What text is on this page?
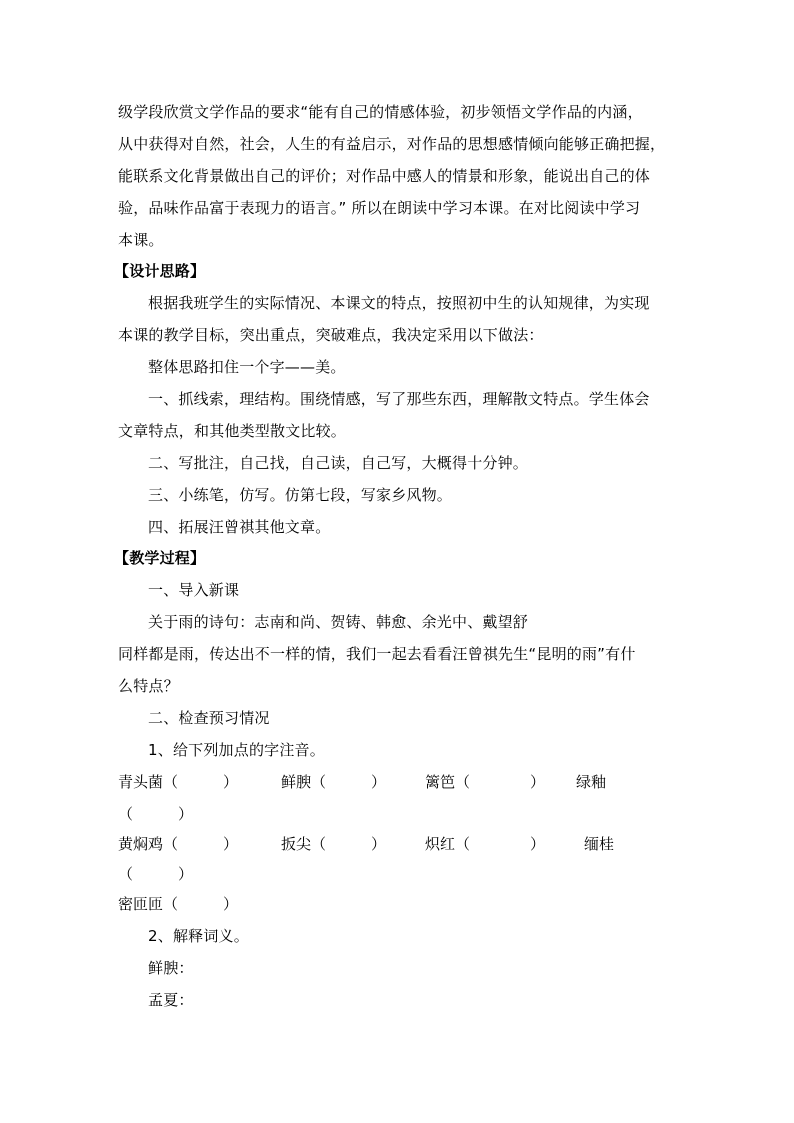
级学段欣赏文学作品的要求“能有自己的情感体验，初步领悟文学作品的内涵，
从中获得对自然，社会，人生的有益启示，对作品的思想感情倾向能够正确把握，
能联系文化背景做出自己的评价；对作品中感人的情景和形象，能说出自己的体
验，品味作品富于表现力的语言。” 所以在朗读中学习本课。在对比阅读中学习
本课。
【设计思路】
根据我班学生的实际情况、本课文的特点，按照初中生的认知规律，为实现
本课的教学目标，突出重点，突破难点，我决定采用以下做法：
整体思路扣住一个字——美。
一、抓线索，理结构。围绕情感，写了那些东西，理解散文特点。学生体会
文章特点，和其他类型散文比较。
二、写批注，自己找，自己读，自己写，大概得十分钟。
三、小练笔，仿写。仿第七段，写家乡风物。
四、拓展汪曾祺其他文章。
【教学过程】
一、导入新课
关于雨的诗句：志南和尚、贺铸、韩愈、余光中、戴望舒
同样都是雨，传达出不一样的情，我们一起去看看汪曾祺先生“昆明的雨”有什
么特点？
二、检查预习情况
1、给下列加点的字注音。
青头菌（　　　）	鲜腴（　　　）	篱笆（　　　　） 绿釉
（　　　）
黄焖鸡（　　　）	扳尖（　　　）	炽红（　　　　）	缅桂
（　　　）
密匝匝（　　　）
2、解释词义。
鲜腴：
孟夏：
